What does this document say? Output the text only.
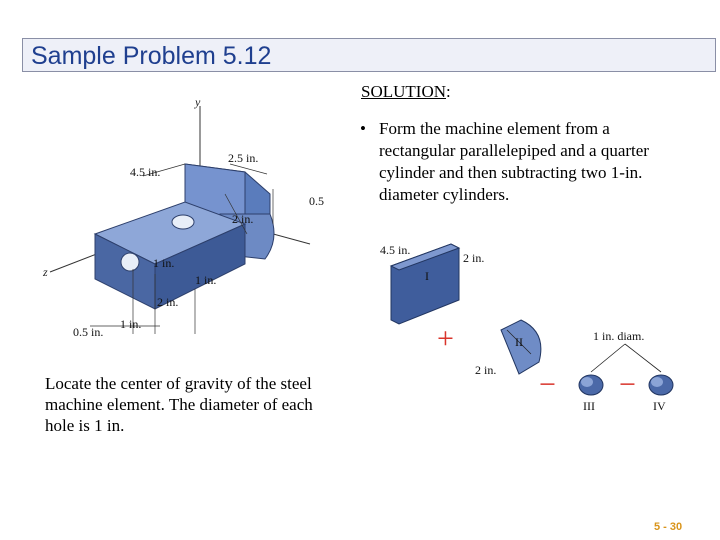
Sample Problem 5.12
y
z
4.5 in.
2.5 in.
0.5
2 in.
1 in.
1 in.
2 in.
0.5 in.
1 in.
SOLUTION:
• Form the machine element from a rectangular parallelepiped and a quarter cylinder and then subtracting two 1-in. diameter cylinders.
4.5 in.
2 in.
I
+	II
2 in.
1 in. diam.
− −
III	IV
Locate the center of gravity of the steel machine element. The diameter of each hole is 1 in.
5 - 30
